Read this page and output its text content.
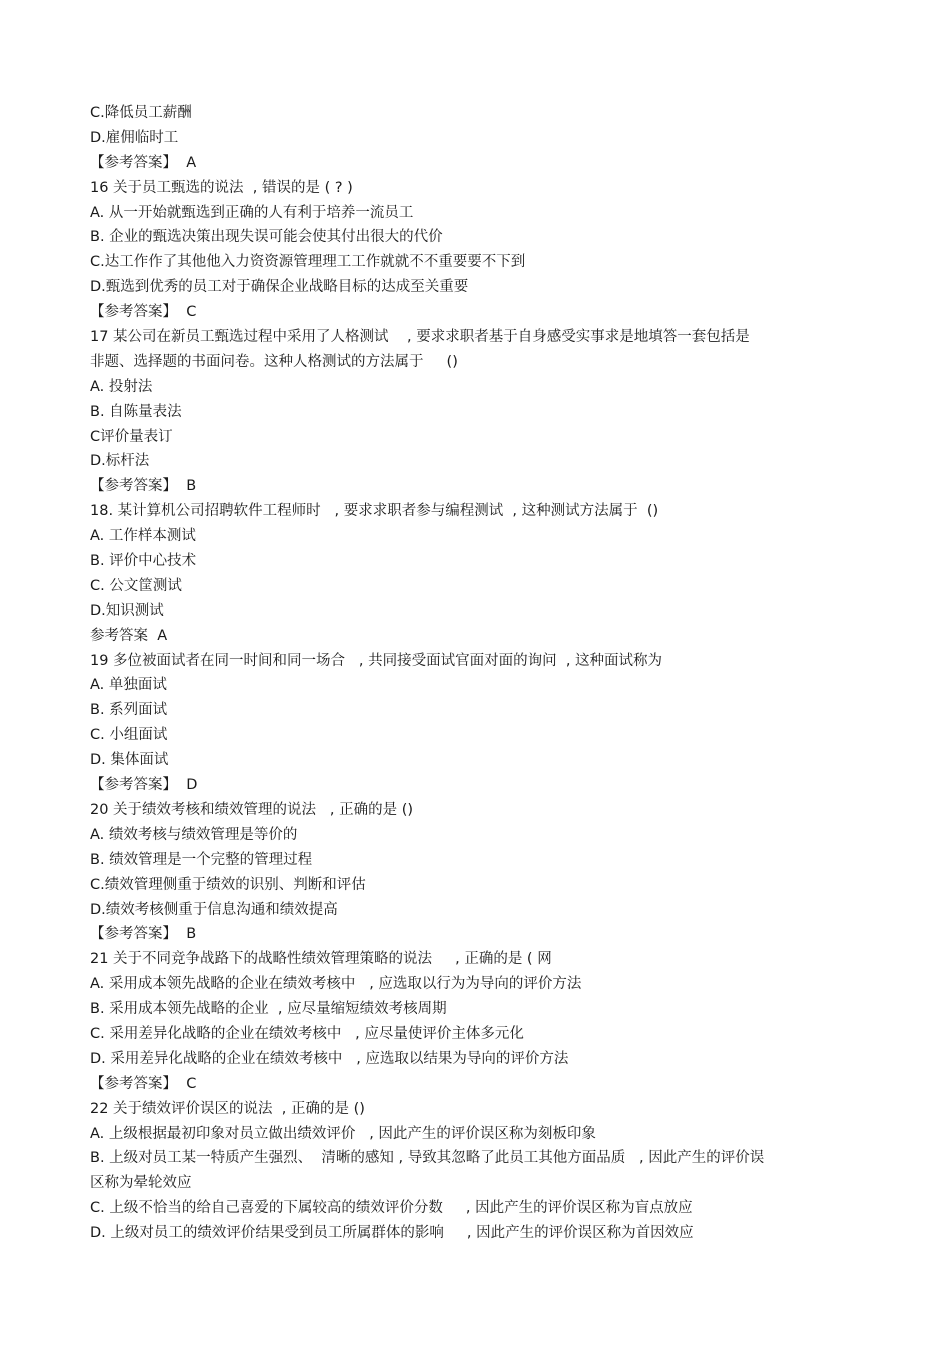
C.降低员工薪酬
D.雇佣临时工
【参考答案】  A
16 关于员工甄选的说法  , 错误的是 ( ? )
A. 从一开始就甄选到正确的人有利于培养一流员工
B. 企业的甄选决策出现失误可能会使其付出很大的代价
C.达工作作了其他他入力资资源管理理工工作就就不不重要要不下到
D.甄选到优秀的员工对于确保企业战略目标的达成至关重要
【参考答案】  C
17 某公司在新员工甄选过程中采用了人格测试    , 要求求职者基于自身感受实事求是地填答一套包括是
非题、选择题的书面问卷。这种人格测试的方法属于     ()
A. 投射法
B. 自陈量表法
C评价量表订
D.标杆法
【参考答案】  B
18. 某计算机公司招聘软件工程师时   , 要求求职者参与编程测试  , 这种测试方法属于  ()
A. 工作样本测试
B. 评价中心技术
C. 公文筐测试
D.知识测试
参考答案  A
19 多位被面试者在同一时间和同一场合   , 共同接受面试官面对面的询问  , 这种面试称为
A. 单独面试
B. 系列面试
C. 小组面试
D. 集体面试
【参考答案】  D
20 关于绩效考核和绩效管理的说法   , 正确的是 ()
A. 绩效考核与绩效管理是等价的
B. 绩效管理是一个完整的管理过程
C.绩效管理侧重于绩效的识别、判断和评估
D.绩效考核侧重于信息沟通和绩效提高
【参考答案】  B
21 关于不同竞争战路下的战略性绩效管理策略的说法     , 正确的是 ( 网
A. 采用成本领先战略的企业在绩效考核中   , 应选取以行为为导向的评价方法
B. 采用成本领先战略的企业  , 应尽量缩短绩效考核周期
C. 采用差异化战略的企业在绩效考核中   , 应尽量使评价主体多元化
D. 采用差异化战略的企业在绩效考核中   , 应选取以结果为导向的评价方法
【参考答案】  C
22 关于绩效评价误区的说法  , 正确的是 ()
A. 上级根据最初印象对员立做出绩效评价   , 因此产生的评价误区称为刻板印象
B. 上级对员工某一特质产生强烈、  清晰的感知 , 导致其忽略了此员工其他方面品质   , 因此产生的评价误
区称为晕轮效应
C. 上级不恰当的给自己喜爱的下属较高的绩效评价分数     , 因此产生的评价误区称为盲点放应
D. 上级对员工的绩效评价结果受到员工所属群体的影响     , 因此产生的评价误区称为首因效应
